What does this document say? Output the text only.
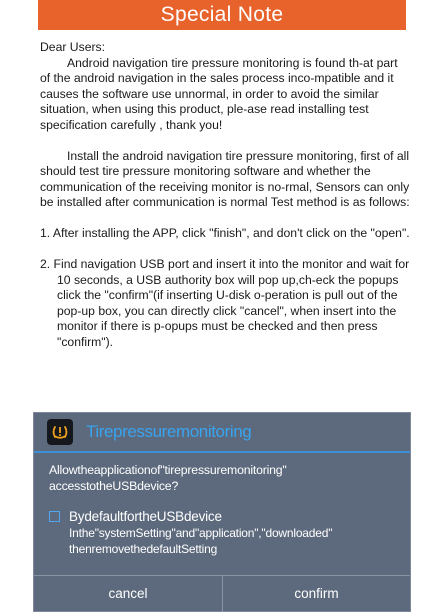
Special Note

Dear Users:

Android navigation tire pressure monitoring is found th-at part of the android navigation in the sales process inco-mpatible and it causes the software use unnormal, in order to avoid the similar situation, when using this product, ple-ase read installing test specification carefully , thank you!

Install the android navigation tire pressure monitoring, first of all should test tire pressure monitoring software and whether the communication of the receiving monitor is no-rmal, Sensors can only be installed after communication is normal Test method is as follows:

1. After installing the APP, click "finish", and don't click on the "open".

2. Find navigation USB port and insert it into the monitor and wait for 10 seconds, a USB authority box will pop up,ch-eck the popups click the "confirm"(if inserting U-disk o-peration is pull out of the pop-up box, you can directly click "cancel", when insert into the monitor if there is p-opups must be checked and then press "confirm").

Tirepressuremonitoring
Allowtheapplicationof"tirepressuremonitoring" accesstotheUSBdevice?
BydefaultfortheUSBdevice
Inthe"systemSetting"and"application","downloaded" thenremovethedefaultSetting
cancel	confirm
